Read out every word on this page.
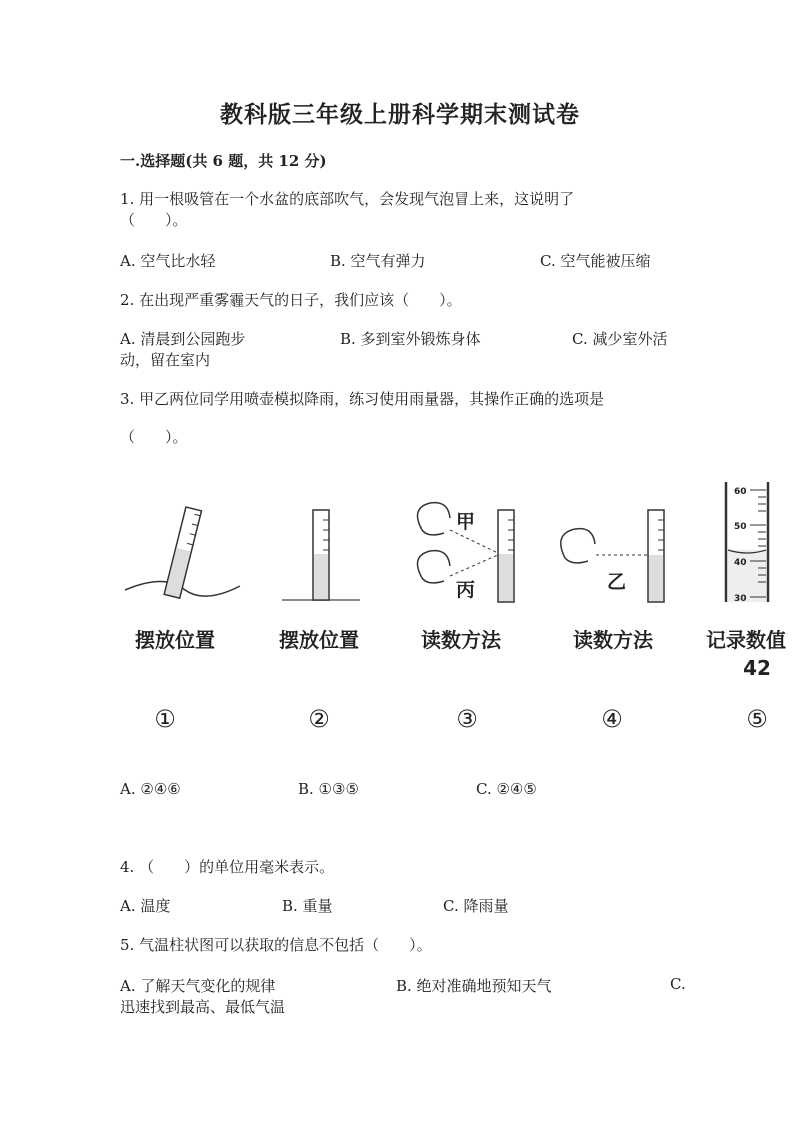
教科版三年级上册科学期末测试卷
一.选择题(共 6 题，共 12 分)
1. 用一根吸管在一个水盆的底部吹气，会发现气泡冒上来，这说明了
（　　）。
A. 空气比水轻	B. 空气有弹力	C. 空气能被压缩
2. 在出现严重雾霾天气的日子，我们应该（　　）。
A. 清晨到公园跑步	B. 多到室外锻炼身体	C. 减少室外活
动，留在室内
3. 甲乙两位同学用喷壶模拟降雨，练习使用雨量器，其操作正确的选项是
（　　）。
甲
丙	乙
60
50
40
30
摆放位置	摆放位置	读数方法	读数方法	记录数值
42
①	②	③	④	⑤
A. ②④⑥	B. ①③⑤	C. ②④⑤
4. （　　）的单位用毫米表示。
A. 温度	B. 重量	C. 降雨量
5. 气温柱状图可以获取的信息不包括（　　）。
A. 了解天气变化的规律	B. 绝对准确地预知天气	C.
迅速找到最高、最低气温
